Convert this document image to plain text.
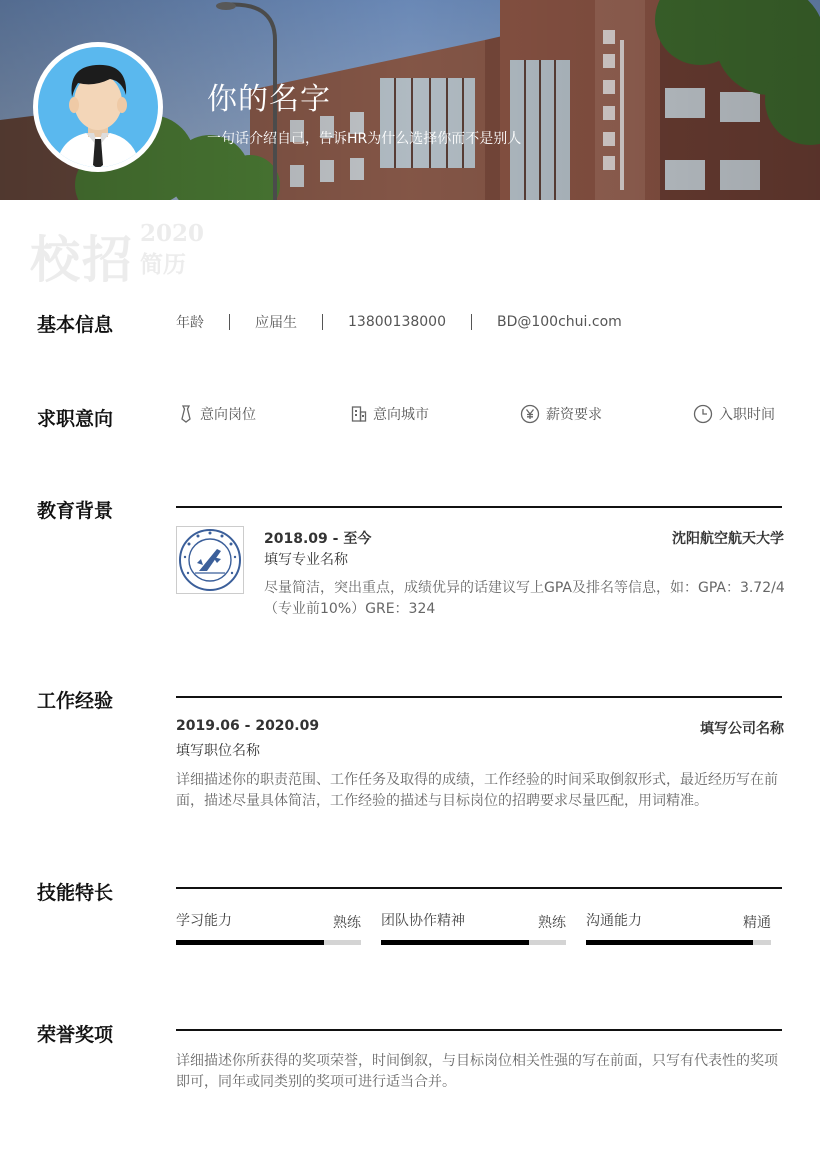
你的名字
一句话介绍自己，告诉HR为什么选择你而不是别人
校招 2020
简历
基本信息	年龄	应届生	13800138000	BD@100chui.com
求职意向	意向岗位	意向城市	薪资要求	入职时间
教育背景
2018.09 - 至今	沈阳航空航天大学
填写专业名称
尽量简洁，突出重点，成绩优异的话建议写上GPA及排名等信息，如：GPA：3.72/4（专业前10%）GRE：324
工作经验
2019.06 - 2020.09	填写公司名称
填写职位名称
详细描述你的职责范围、工作任务及取得的成绩，工作经验的时间采取倒叙形式，最近经历写在前面，描述尽量具体简洁，工作经验的描述与目标岗位的招聘要求尽量匹配，用词精准。
技能特长
学习能力	熟练 团队协作精神	熟练 沟通能力	精通
荣誉奖项
详细描述你所获得的奖项荣誉，时间倒叙，与目标岗位相关性强的写在前面，只写有代表性的奖项即可，同年或同类别的奖项可进行适当合并。
